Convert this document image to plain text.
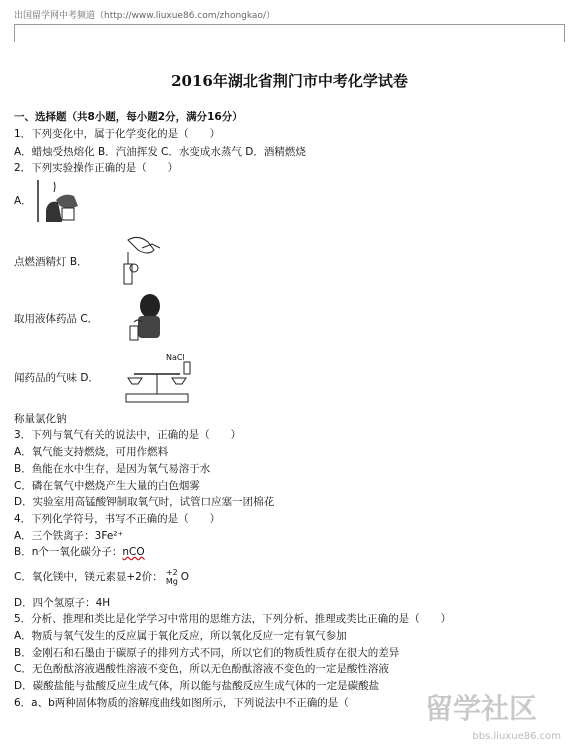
出国留学网中考频道（http://www.liuxue86.com/zhongkao/）
2016年湖北省荆门市中考化学试卷
一、选择题（共8小题，每小题2分，满分16分）
1．下列变化中，属于化学变化的是（　　）
A．蜡烛受热熔化 B．汽油挥发 C．水变成水蒸气 D．酒精燃烧
2．下列实验操作正确的是（　　）
A．
点燃酒精灯 B．
取用液体药品 C．
NaCl
闻药品的气味 D．
称量氯化钠
3．下列与氧气有关的说法中，正确的是（　　）
A．氧气能支持燃烧，可用作燃料
B．鱼能在水中生存，是因为氧气易溶于水
C．磷在氧气中燃烧产生大量的白色烟雾
D．实验室用高锰酸钾制取氧气时，试管口应塞一团棉花
4．下列化学符号，书写不正确的是（　　）
A．三个铁离子：3Fe²⁺
B．n个一氧化碳分子：nCO
C．氧化镁中，镁元素显+2价： +2
Mg O
D．四个氢原子：4H
5．分析、推理和类比是化学学习中常用的思维方法，下列分析、推理或类比正确的是（　　）
A．物质与氧气发生的反应属于氧化反应，所以氧化反应一定有氧气参加
B．金刚石和石墨由于碳原子的排列方式不同，所以它们的物质性质存在很大的差异
C．无色酚酞溶液遇酸性溶液不变色，所以无色酚酞溶液不变色的一定是酸性溶液
D．碳酸盐能与盐酸反应生成气体，所以能与盐酸反应生成气体的一定是碳酸盐
6．a、b两种固体物质的溶解度曲线如图所示，下列说法中不正确的是（	留学社区
bbs.liuxue86.com
